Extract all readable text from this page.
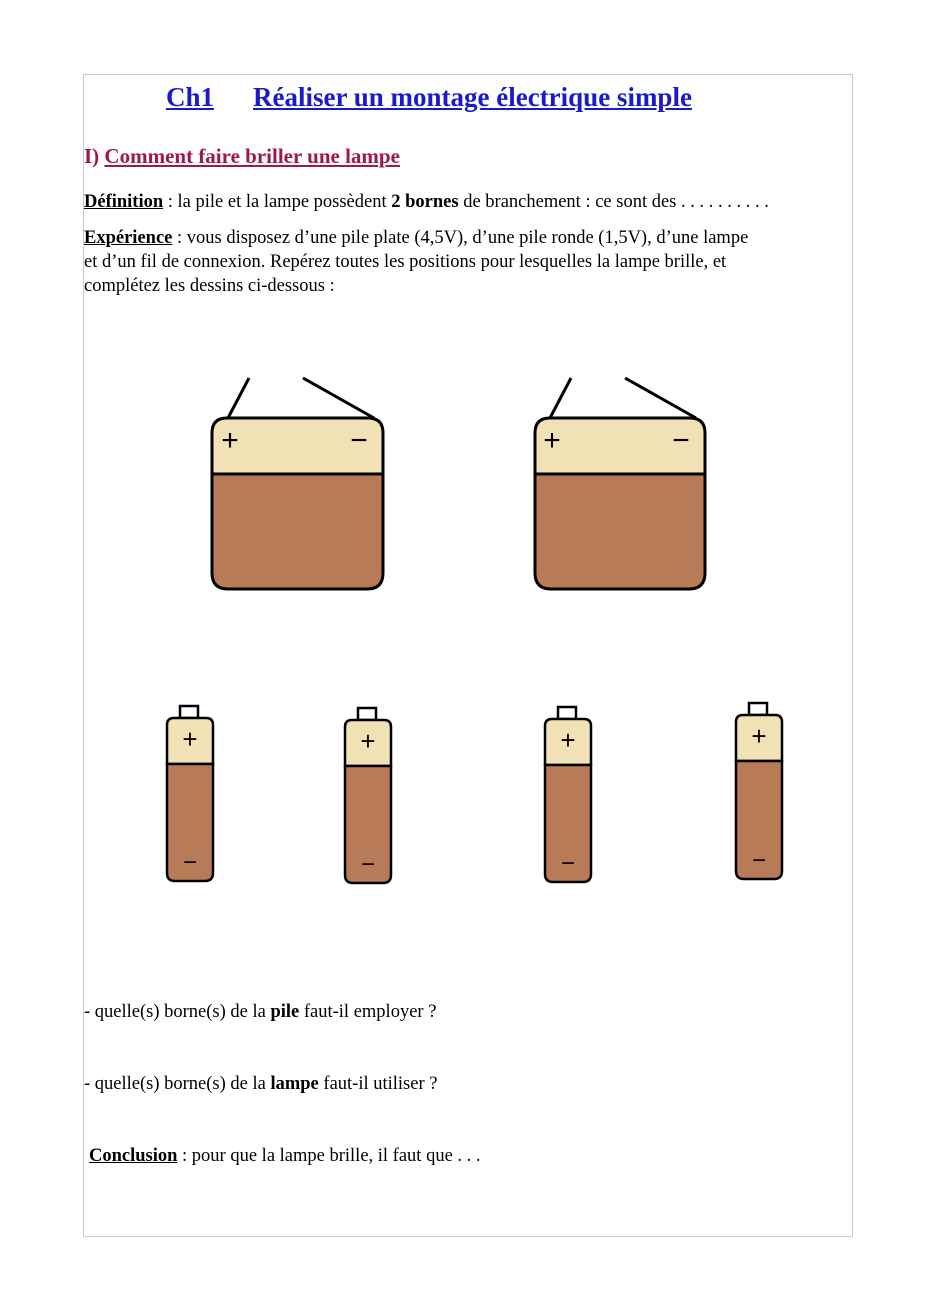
Ch1 Réaliser un montage électrique simple
I) Comment faire briller une lampe
Définition : la pile et la lampe possèdent 2 bornes de branchement : ce sont des . . . . . . . . . .
Expérience : vous disposez d’une pile plate (4,5V), d’une pile ronde (1,5V), d’une lampe
et d’un fil de connexion. Repérez toutes les positions pour lesquelles la lampe brille, et
complétez les dessins ci-dessous :
+	−	+	−
+
−
+
−
+
−
+
−
- quelle(s) borne(s) de la pile faut-il employer ?
- quelle(s) borne(s) de la lampe faut-il utiliser ?
Conclusion : pour que la lampe brille, il faut que . . .
